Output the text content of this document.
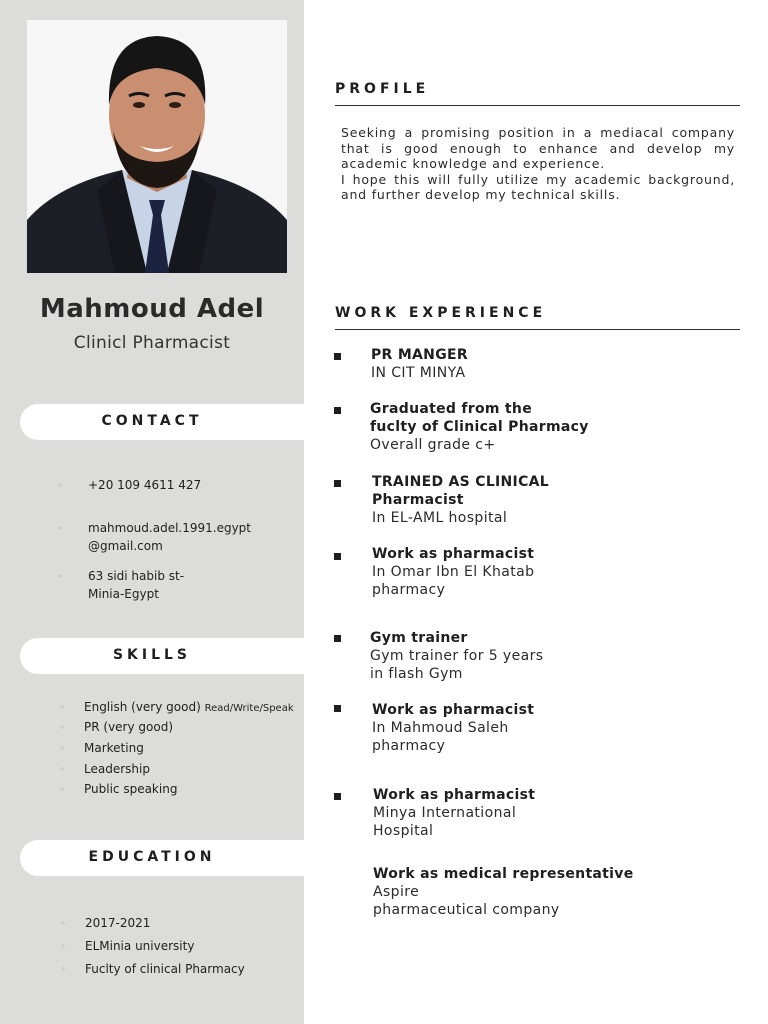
Mahmoud Adel
Clinicl Pharmacist
CONTACT
+20 109 4611 427
mahmoud.adel.1991.egypt
@gmail.com
63 sidi habib st-
Minia-Egypt
SKILLS
English (very good) Read/Write/Speak
PR (very good)
Marketing
Leadership
Public speaking
EDUCATION
2017-2021
ELMinia university
Fuclty of clinical Pharmacy
PROFILE

Seeking a promising position in a mediacal company

that is good enough to enhance and develop my

academic knowledge and experience.

I hope this will fully utilize my academic background,

and further develop my technical skills.

WORK EXPERIENCE
PR MANGER
IN CIT MINYA
Graduated from the
fuclty of Clinical Pharmacy
Overall grade c+
TRAINED AS CLINICAL
Pharmacist
In EL-AML hospital
Work as pharmacist
In Omar Ibn El Khatab
pharmacy
Gym trainer
Gym trainer for 5 years
in flash Gym
Work as pharmacist
In Mahmoud Saleh
pharmacy
Work as pharmacist
Minya International
Hospital
Work as medical representative
Aspire
pharmaceutical company
